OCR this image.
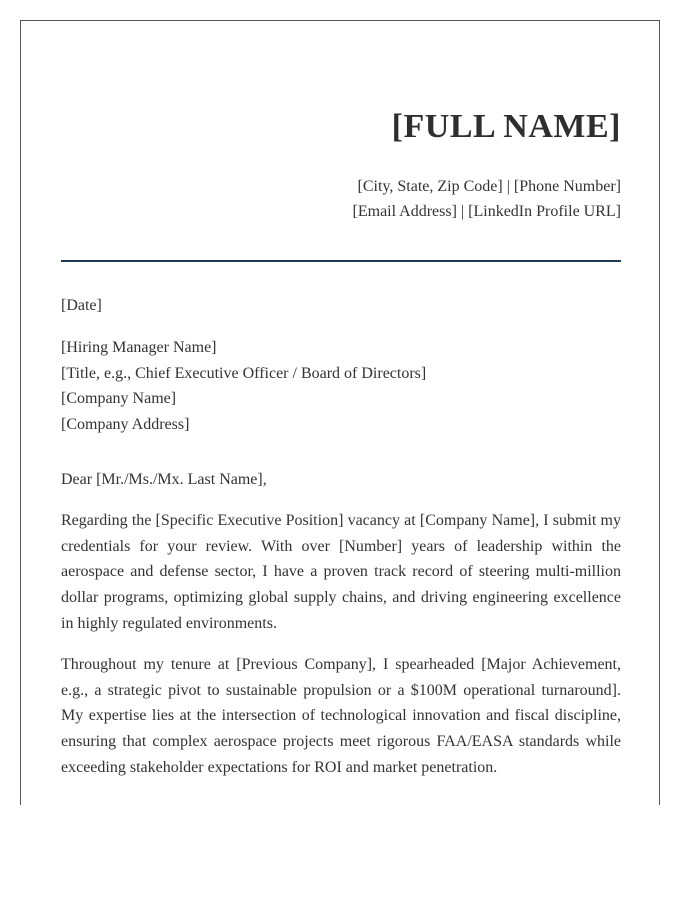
[FULL NAME]
[City, State, Zip Code] | [Phone Number]
[Email Address] | [LinkedIn Profile URL]
[Date]
[Hiring Manager Name]
[Title, e.g., Chief Executive Officer / Board of Directors]
[Company Name]
[Company Address]
Dear [Mr./Ms./Mx. Last Name],
Regarding the [Specific Executive Position] vacancy at [Company Name], I submit my credentials for your review. With over [Number] years of leadership within the aerospace and defense sector, I have a proven track record of steering multi-million dollar programs, optimizing global supply chains, and driving engineering excellence in highly regulated environments.
Throughout my tenure at [Previous Company], I spearheaded [Major Achievement, e.g., a strategic pivot to sustainable propulsion or a $100M operational turnaround]. My expertise lies at the intersection of technological innovation and fiscal discipline, ensuring that complex aerospace projects meet rigorous FAA/EASA standards while exceeding stakeholder expectations for ROI and market penetration.
